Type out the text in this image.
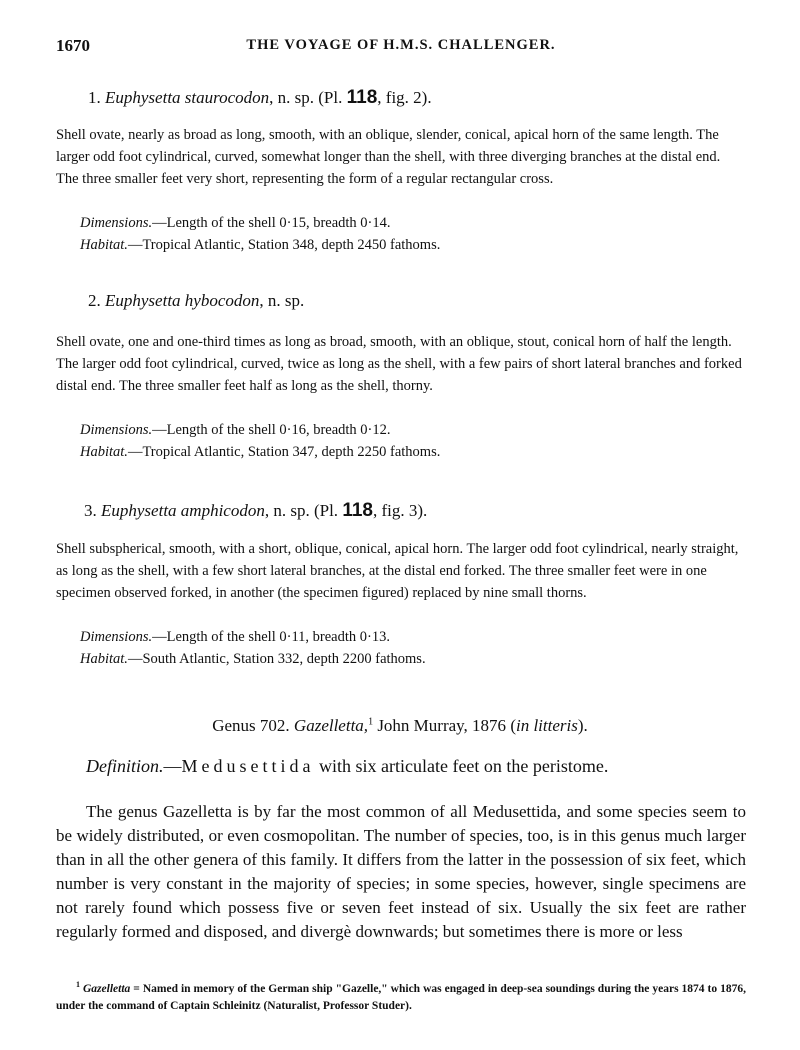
1670	THE VOYAGE OF H.M.S. CHALLENGER.
1. Euphysetta staurocodon, n. sp. (Pl. 118, fig. 2).

Shell ovate, nearly as broad as long, smooth, with an oblique, slender, conical, apical horn of the same length. The larger odd foot cylindrical, curved, somewhat longer than the shell, with three diverging branches at the distal end. The three smaller feet very short, representing the form of a regular rectangular cross.

Dimensions.—Length of the shell 0·15, breadth 0·14.
Habitat.—Tropical Atlantic, Station 348, depth 2450 fathoms.
2. Euphysetta hybocodon, n. sp.

Shell ovate, one and one-third times as long as broad, smooth, with an oblique, stout, conical horn of half the length. The larger odd foot cylindrical, curved, twice as long as the shell, with a few pairs of short lateral branches and forked distal end. The three smaller feet half as long as the shell, thorny.

Dimensions.—Length of the shell 0·16, breadth 0·12.
Habitat.—Tropical Atlantic, Station 347, depth 2250 fathoms.
3. Euphysetta amphicodon, n. sp. (Pl. 118, fig. 3).

Shell subspherical, smooth, with a short, oblique, conical, apical horn. The larger odd foot cylindrical, nearly straight, as long as the shell, with a few short lateral branches, at the distal end forked. The three smaller feet were in one specimen observed forked, in another (the specimen figured) replaced by nine small thorns.

Dimensions.—Length of the shell 0·11, breadth 0·13.
Habitat.—South Atlantic, Station 332, depth 2200 fathoms.
Genus 702. Gazelletta,$^1$ John Murray, 1876 (in litteris).
Definition.—Medusettida with six articulate feet on the peristome.

The genus Gazelletta is by far the most common of all Medusettida, and some species seem to be widely distributed, or even cosmopolitan. The number of species, too, is in this genus much larger than in all the other genera of this family. It differs from the latter in the possession of six feet, which number is very constant in the majority of species; in some species, however, single specimens are not rarely found which possess five or seven feet instead of six. Usually the six feet are rather regularly formed and disposed, and divergè downwards; but sometimes there is more or less

$^1$ Gazelletta = Named in memory of the German ship "Gazelle," which was engaged in deep-sea soundings during the years 1874 to 1876, under the command of Captain Schleinitz (Naturalist, Professor Studer).
